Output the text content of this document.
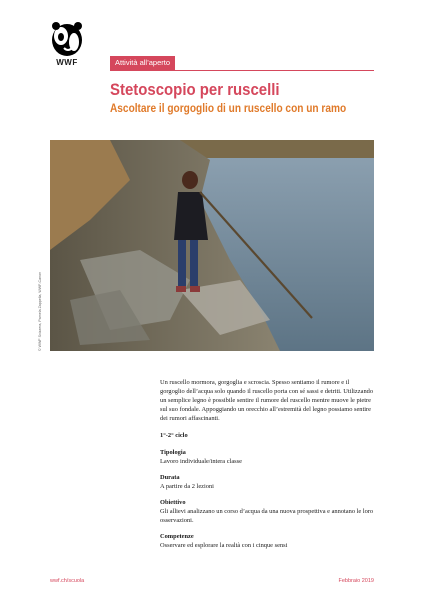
WWF	Attività all’aperto
Stetoscopio per ruscelli
Ascoltare il gorgoglio di un ruscello con un ramo
© WWF Svizzera, Pamela Zappella, WWF-Canon

Un ruscello mormora, gorgoglia e scroscia. Spesso sentiamo il rumore e il gorgoglio dell’acqua solo quando il ruscello porta con sé sassi e detriti. Utilizzando un semplice legno è possibile sentire il rumore del ruscello mentre muove le pietre sul suo fondale. Appoggiando un orecchio all’estremità del legno possiamo sentire dei rumori affascinanti.

1°-2° ciclo

Tipologia

Lavoro individuale/intera classe

Durata

A partire da 2 lezioni

Obiettivo

Gli allievi analizzano un corso d’acqua da una nuova prospettiva e annotano le loro osservazioni.

Competenze

Osservare ed esplorare la realtà con i cinque sensi

wwf.ch/scuola	Febbraio 2019
